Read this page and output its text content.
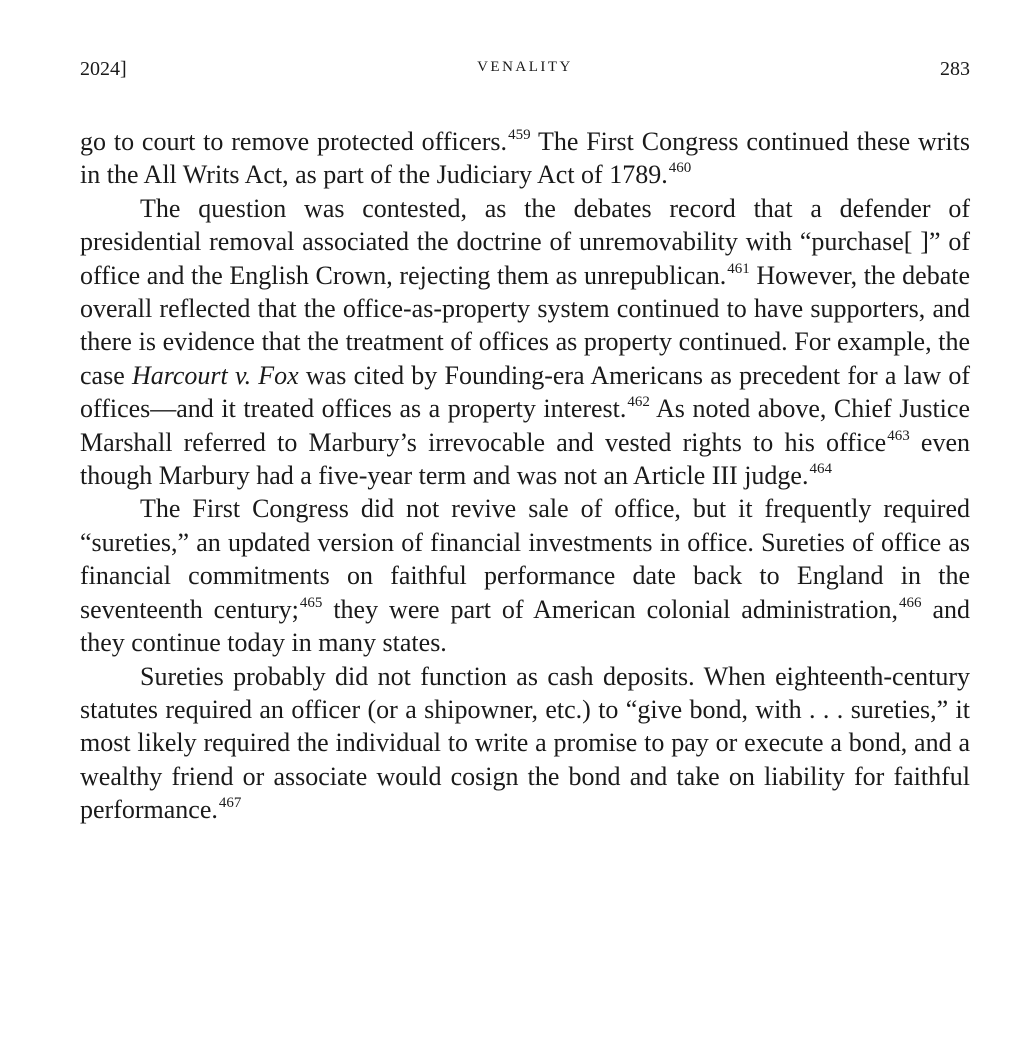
2024]	VENALITY	283

go to court to remove protected officers.$^{459}$ The First Congress continued these writs in the All Writs Act, as part of the Judiciary Act of 1789.$^{460}$

The question was contested, as the debates record that a defender of presidential removal associated the doctrine of unremovability with “purchase[ ]” of office and the English Crown, rejecting them as unrepublican.$^{461}$ However, the debate overall reflected that the office-as-property system continued to have supporters, and there is evidence that the treatment of offices as property continued. For example, the case Harcourt v. Fox was cited by Founding-era Americans as precedent for a law of offices—and it treated offices as a property interest.$^{462}$ As noted above, Chief Justice Marshall referred to Marbury’s irrevocable and vested rights to his office$^{463}$ even though Marbury had a five-year term and was not an Article III judge.$^{464}$

The First Congress did not revive sale of office, but it frequently required “sureties,” an updated version of financial investments in office. Sureties of office as financial commitments on faithful performance date back to England in the seventeenth century;$^{465}$ they were part of American colonial administration,$^{466}$ and they continue today in many states.

Sureties probably did not function as cash deposits. When eighteenth-century statutes required an officer (or a shipowner, etc.) to “give bond, with . . . sureties,” it most likely required the individual to write a promise to pay or execute a bond, and a wealthy friend or associate would cosign the bond and take on liability for faithful performance.$^{467}$
